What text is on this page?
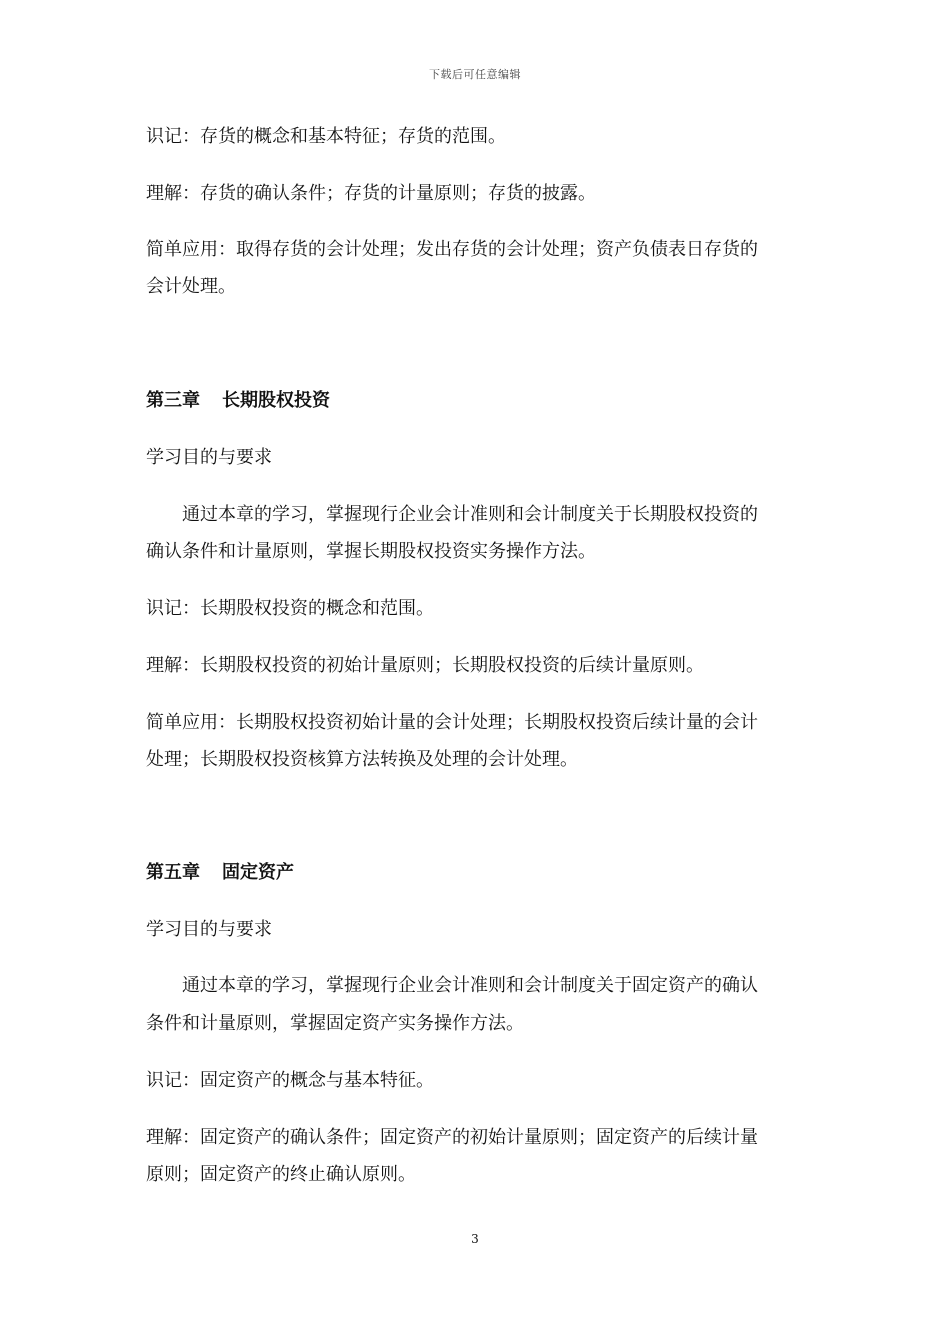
下载后可任意编辑
识记：存货的概念和基本特征；存货的范围。
理解：存货的确认条件；存货的计量原则；存货的披露。
简单应用：取得存货的会计处理；发出存货的会计处理；资产负债表日存货的
会计处理。
第三章 长期股权投资
学习目的与要求
通过本章的学习，掌握现行企业会计准则和会计制度关于长期股权投资的
确认条件和计量原则，掌握长期股权投资实务操作方法。
识记：长期股权投资的概念和范围。
理解：长期股权投资的初始计量原则；长期股权投资的后续计量原则。
简单应用：长期股权投资初始计量的会计处理；长期股权投资后续计量的会计
处理；长期股权投资核算方法转换及处理的会计处理。
第五章 固定资产
学习目的与要求
通过本章的学习，掌握现行企业会计准则和会计制度关于固定资产的确认
条件和计量原则，掌握固定资产实务操作方法。
识记：固定资产的概念与基本特征。
理解：固定资产的确认条件；固定资产的初始计量原则；固定资产的后续计量
原则；固定资产的终止确认原则。
3
